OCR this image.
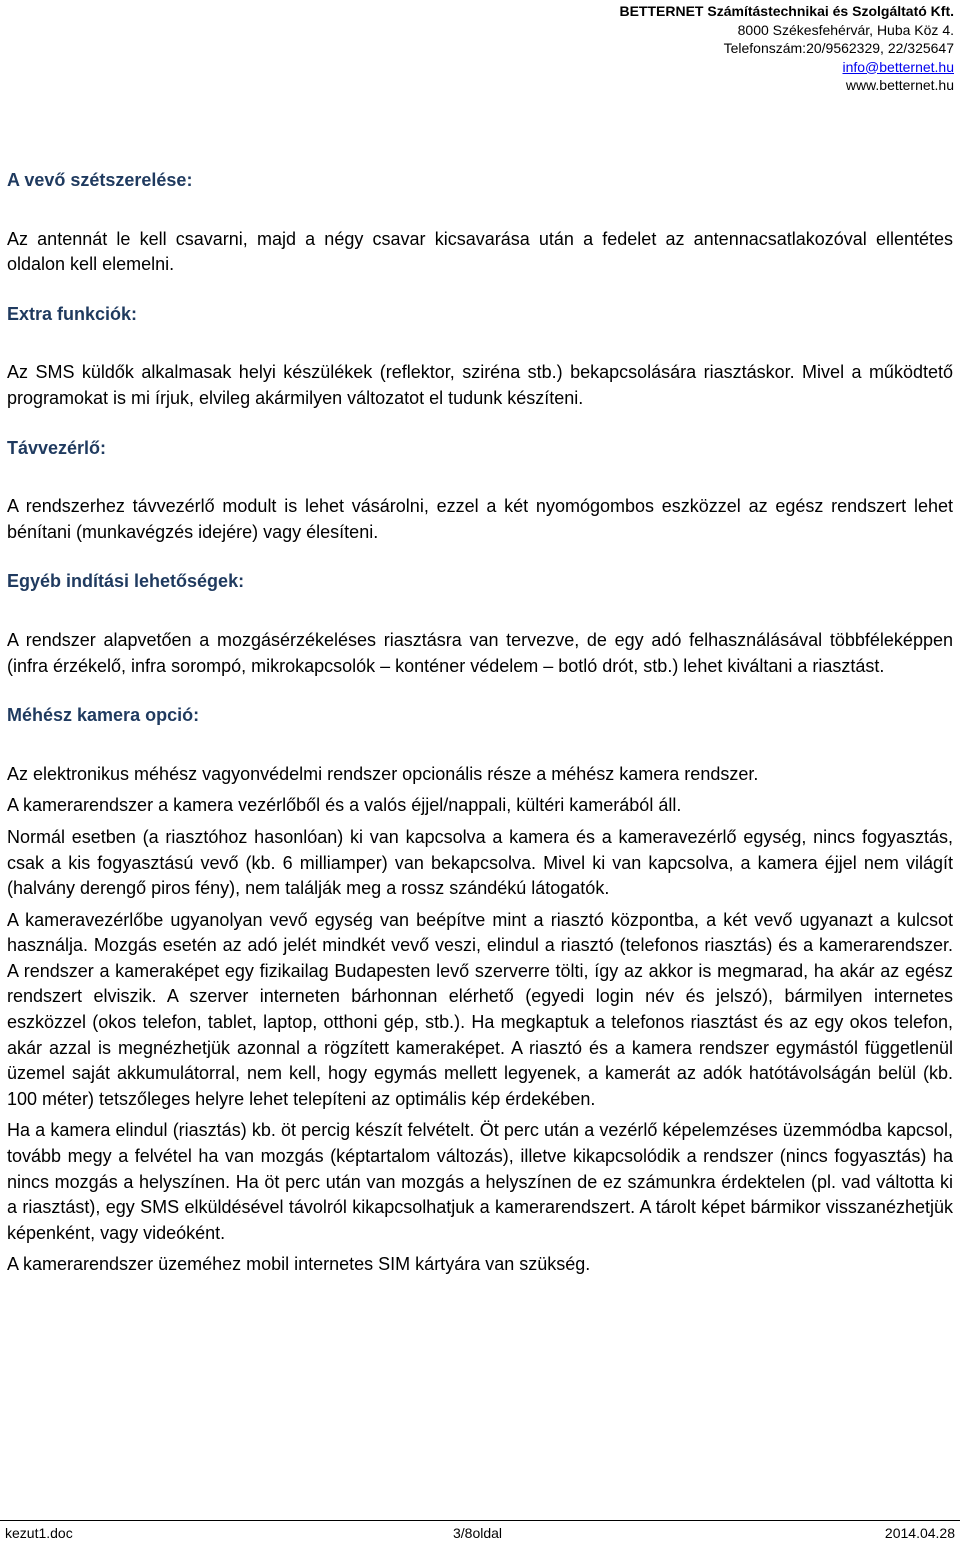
BETTERNET Számítástechnikai és Szolgáltató Kft.
8000 Székesfehérvár, Huba Köz 4.
Telefonszám:20/9562329, 22/325647
info@betternet.hu
www.betternet.hu
A vevő szétszerelése:

Az antennát le kell csavarni, majd a négy csavar kicsavarása után a fedelet az antennacsatlakozóval ellentétes oldalon kell elemelni.

Extra funkciók:

Az SMS küldők alkalmasak helyi készülékek (reflektor, sziréna stb.) bekapcsolására riasztáskor. Mivel a működtető programokat is mi írjuk, elvileg akármilyen változatot el tudunk készíteni.

Távvezérlő:

A rendszerhez távvezérlő modult is lehet vásárolni, ezzel a két nyomógombos eszközzel az egész rendszert lehet bénítani (munkavégzés idejére) vagy élesíteni.

Egyéb indítási lehetőségek:

A rendszer alapvetően a mozgásérzékeléses riasztásra van tervezve, de egy adó felhasználásával többféleképpen (infra érzékelő, infra sorompó, mikrokapcsolók – konténer védelem – botló drót, stb.) lehet kiváltani a riasztást.

Méhész kamera opció:

Az elektronikus méhész vagyonvédelmi rendszer opcionális része a méhész kamera rendszer.

A kamerarendszer a kamera vezérlőből és a valós éjjel/nappali, kültéri kamerából áll.

Normál esetben (a riasztóhoz hasonlóan) ki van kapcsolva a kamera és a kameravezérlő egység, nincs fogyasztás, csak a kis fogyasztású vevő (kb. 6 milliamper) van bekapcsolva. Mivel ki van kapcsolva, a kamera éjjel nem világít (halvány derengő piros fény), nem találják meg a rossz szándékú látogatók.

A kameravezérlőbe ugyanolyan vevő egység van beépítve mint a riasztó központba, a két vevő ugyanazt a kulcsot használja. Mozgás esetén az adó jelét mindkét vevő veszi, elindul a riasztó (telefonos riasztás) és a kamerarendszer. A rendszer a kameraképet egy fizikailag Budapesten levő szerverre tölti, így az akkor is megmarad, ha akár az egész rendszert elviszik. A szerver interneten bárhonnan elérhető (egyedi login név és jelszó), bármilyen internetes eszközzel (okos telefon, tablet, laptop, otthoni gép, stb.). Ha megkaptuk a telefonos riasztást és az egy okos telefon, akár azzal is megnézhetjük azonnal a rögzített kameraképet. A riasztó és a kamera rendszer egymástól függetlenül üzemel saját akkumulátorral, nem kell, hogy egymás mellett legyenek, a kamerát az adók hatótávolságán belül (kb. 100 méter) tetszőleges helyre lehet telepíteni az optimális kép érdekében.

Ha a kamera elindul (riasztás) kb. öt percig készít felvételt. Öt perc után a vezérlő képelemzéses üzemmódba kapcsol, tovább megy a felvétel ha van mozgás (képtartalom változás), illetve kikapcsolódik a rendszer (nincs fogyasztás) ha nincs mozgás a helyszínen. Ha öt perc után van mozgás a helyszínen de ez számunkra érdektelen (pl. vad váltotta ki a riasztást), egy SMS elküldésével távolról kikapcsolhatjuk a kamerarendszert. A tárolt képet bármikor visszanézhetjük képenként, vagy videóként.

A kamerarendszer üzeméhez mobil internetes SIM kártyára van szükség.

kezut1.doc	3/8oldal	2014.04.28
